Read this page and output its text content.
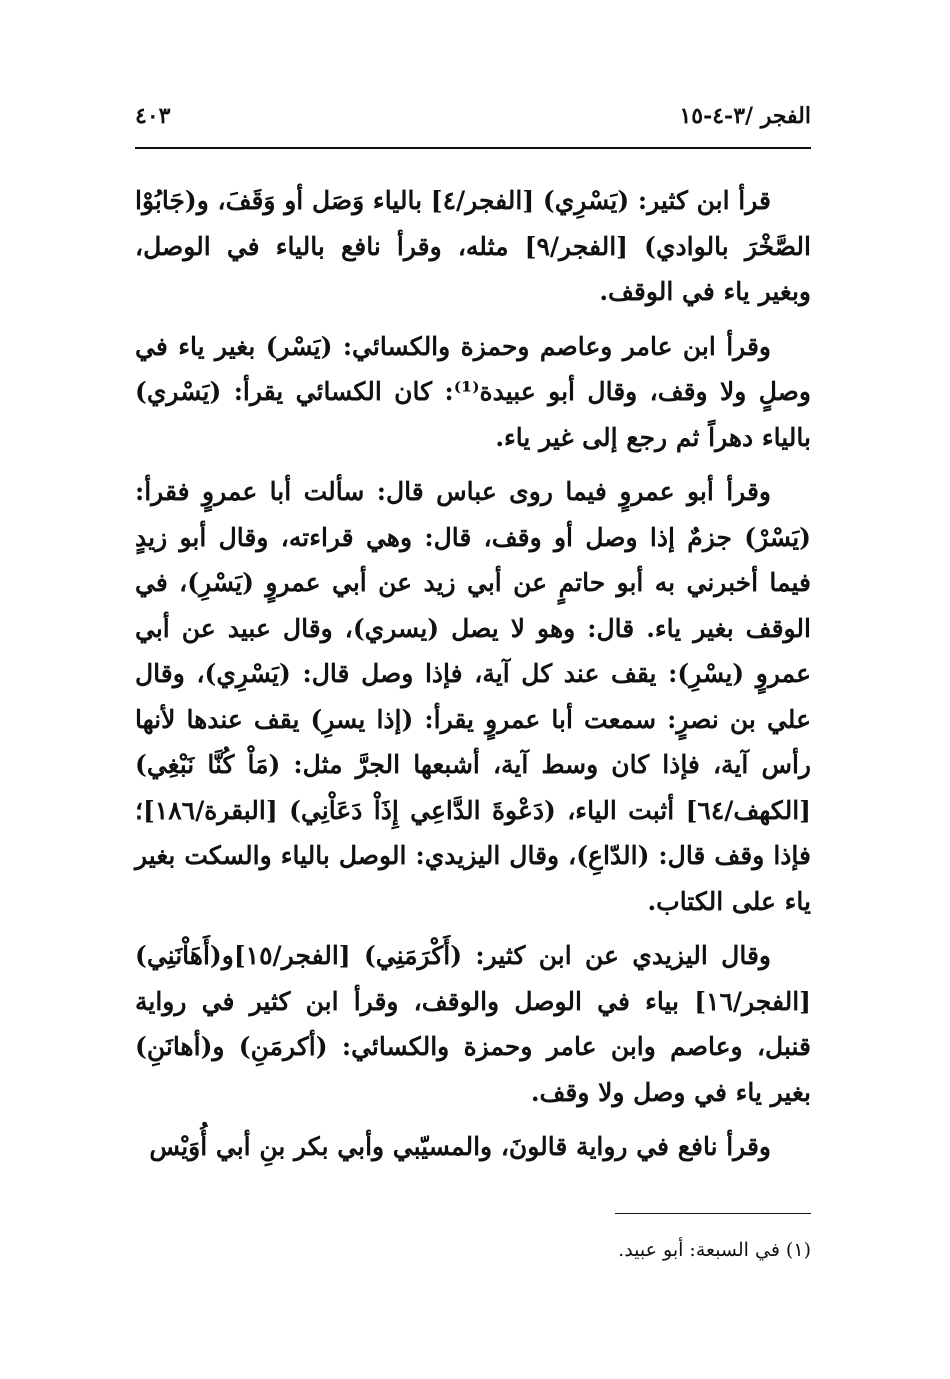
الفجر /٣-٤-١٥
٤٠٣

قرأ ابن كثير: (يَسْرِي) [الفجر/٤] بالياء وَصَل أو وَقَفَ، و(جَابُوْا الصَّخْرَ بالوادي) [الفجر/٩] مثله، وقرأ نافع بالياء في الوصل، وبغير ياء في الوقف.

وقرأ ابن عامر وعاصم وحمزة والكسائي: (يَسْر) بغير ياء في وصلٍ ولا وقف، وقال أبو عبيدة⁽¹⁾: كان الكسائي يقرأ: (يَسْري) بالياء دهراً ثم رجع إلى غير ياء.

وقرأ أبو عمروٍ فيما روى عباس قال: سألت أبا عمروٍ فقرأ: (يَسْرْ) جزمٌ إذا وصل أو وقف، قال: وهي قراءته، وقال أبو زيدٍ فيما أخبرني به أبو حاتمٍ عن أبي زيد عن أبي عمروٍ (يَسْرِ)، في الوقف بغير ياء. قال: وهو لا يصل (يسري)، وقال عبيد عن أبي عمروٍ (يسْرِ): يقف عند كل آية، فإذا وصل قال: (يَسْرِي)، وقال علي بن نصرٍ: سمعت أبا عمروٍ يقرأ: (إذا يسرِ) يقف عندها لأنها رأس آية، فإذا كان وسط آية، أشبعها الجرَّ مثل: (مَاْ كُنَّا نَبْغِي) [الكهف/٦٤] أثبت الياء، (دَعْوةَ الدَّاعِي إِذَاْ دَعَاْنِي) [البقرة/١٨٦]؛ فإذا وقف قال: (الدّاعِ)، وقال اليزيدي: الوصل بالياء والسكت بغير ياء على الكتاب.

وقال اليزيدي عن ابن كثير: (أَكْرَمَنِي) [الفجر/١٥]و(أَهَاْنَنِي) [الفجر/١٦] بياء في الوصل والوقف، وقرأ ابن كثير في رواية قنبل، وعاصم وابن عامر وحمزة والكسائي: (أكرمَنِ) و(أهانَنِ) بغير ياء في وصل ولا وقف.

وقرأ نافع في رواية قالونَ، والمسيّبي وأبي بكر بنِ أبي أُوَيْس

(١) في السبعة: أبو عبيد.
